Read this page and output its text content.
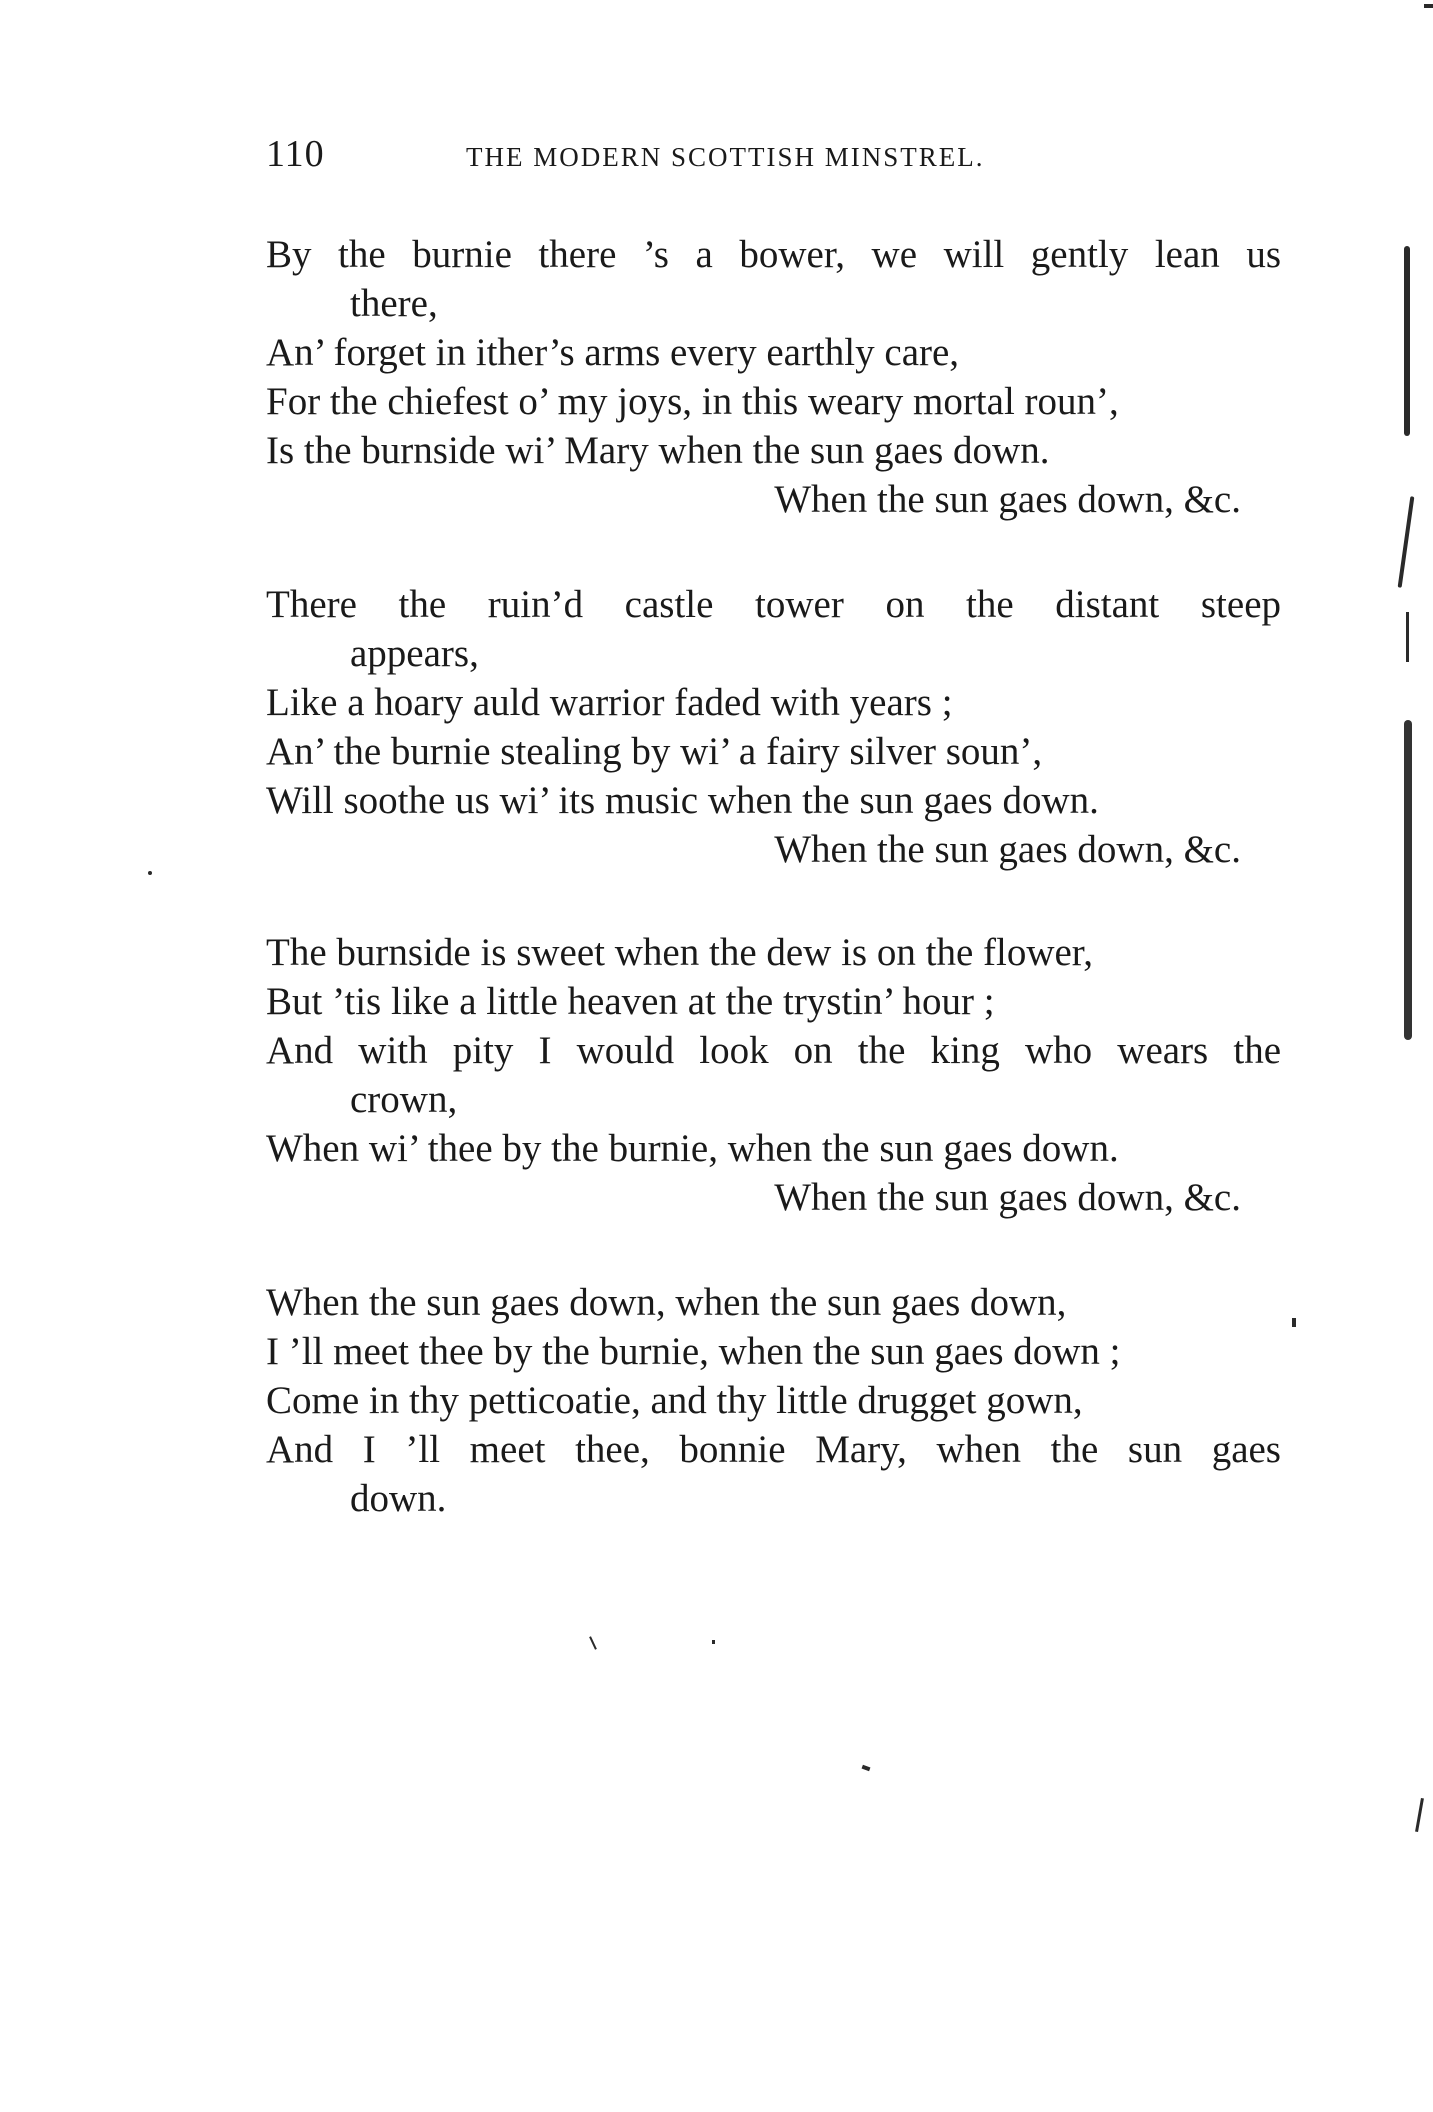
110	THE MODERN SCOTTISH MINSTREL.
By the burnie there ’s a bower, we will gently lean us
there,
An’ forget in ither’s arms every earthly care,
For the chiefest o’ my joys, in this weary mortal roun’,
Is the burnside wi’ Mary when the sun gaes down.
When the sun gaes down, &c.
There the ruin’d castle tower on the distant steep
appears,
Like a hoary auld warrior faded with years ;
An’ the burnie stealing by wi’ a fairy silver soun’,
Will soothe us wi’ its music when the sun gaes down.
When the sun gaes down, &c.
The burnside is sweet when the dew is on the flower,
But ’tis like a little heaven at the trystin’ hour ;
And with pity I would look on the king who wears the
crown,
When wi’ thee by the burnie, when the sun gaes down.
When the sun gaes down, &c.
When the sun gaes down, when the sun gaes down,
I ’ll meet thee by the burnie, when the sun gaes down ;
Come in thy petticoatie, and thy little drugget gown,
And I ’ll meet thee, bonnie Mary, when the sun gaes
down.
